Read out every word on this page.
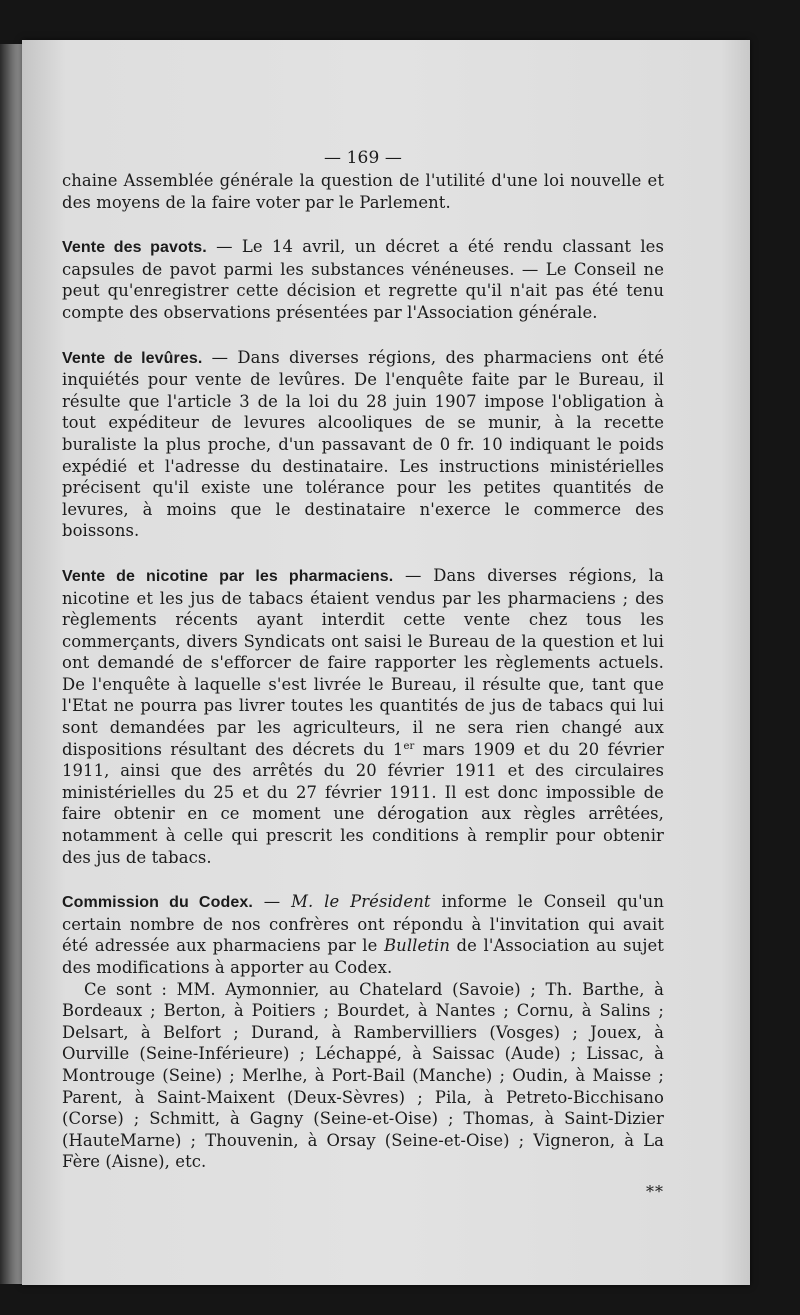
— 169 —

chaine Assemblée générale la question de l'utilité d'une loi nouvelle et des moyens de la faire voter par le Parlement.

Vente des pavots. — Le 14 avril, un décret a été rendu classant les capsules de pavot parmi les substances vénéneuses. — Le Conseil ne peut qu'enregistrer cette décision et regrette qu'il n'ait pas été tenu compte des observations présentées par l'Association générale.

Vente de levûres. — Dans diverses régions, des pharmaciens ont été inquiétés pour vente de levûres. De l'enquête faite par le Bureau, il résulte que l'article 3 de la loi du 28 juin 1907 impose l'obligation à tout expéditeur de levures alcooliques de se munir, à la recette buraliste la plus proche, d'un passavant de 0 fr. 10 indiquant le poids expédié et l'adresse du destinataire. Les instructions ministérielles précisent qu'il existe une tolérance pour les petites quantités de levures, à moins que le destinataire n'exerce le commerce des boissons.

Vente de nicotine par les pharmaciens. — Dans diverses régions, la nicotine et les jus de tabacs étaient vendus par les pharmaciens ; des règlements récents ayant interdit cette vente chez tous les commerçants, divers Syndicats ont saisi le Bureau de la question et lui ont demandé de s'efforcer de faire rapporter les règlements actuels. De l'enquête à laquelle s'est livrée le Bureau, il résulte que, tant que l'Etat ne pourra pas livrer toutes les quantités de jus de tabacs qui lui sont demandées par les agriculteurs, il ne sera rien changé aux dispositions résultant des décrets du 1er mars 1909 et du 20 février 1911, ainsi que des arrêtés du 20 février 1911 et des circulaires ministérielles du 25 et du 27 février 1911. Il est donc impossible de faire obtenir en ce moment une dérogation aux règles arrêtées, notamment à celle qui prescrit les conditions à remplir pour obtenir des jus de tabacs.

Commission du Codex. — M. le Président informe le Conseil qu'un certain nombre de nos confrères ont répondu à l'invitation qui avait été adressée aux pharmaciens par le Bulletin de l'Association au sujet des modifications à apporter au Codex.

Ce sont : MM. Aymonnier, au Chatelard (Savoie) ; Th. Barthe, à Bordeaux ; Berton, à Poitiers ; Bourdet, à Nantes ; Cornu, à Salins ; Delsart, à Belfort ; Durand, à Rambervilliers (Vosges) ; Jouex, à Ourville (Seine-Inférieure) ; Léchappé, à Saissac (Aude) ; Lissac, à Montrouge (Seine) ; Merlhe, à Port-Bail (Manche) ; Oudin, à Maisse ; Parent, à Saint-Maixent (Deux-Sèvres) ; Pila, à Petreto-Bicchisano (Corse) ; Schmitt, à Gagny (Seine-et-Oise) ; Thomas, à Saint-Dizier (HauteMarne) ; Thouvenin, à Orsay (Seine-et-Oise) ; Vigneron, à La Fère (Aisne), etc.

**
